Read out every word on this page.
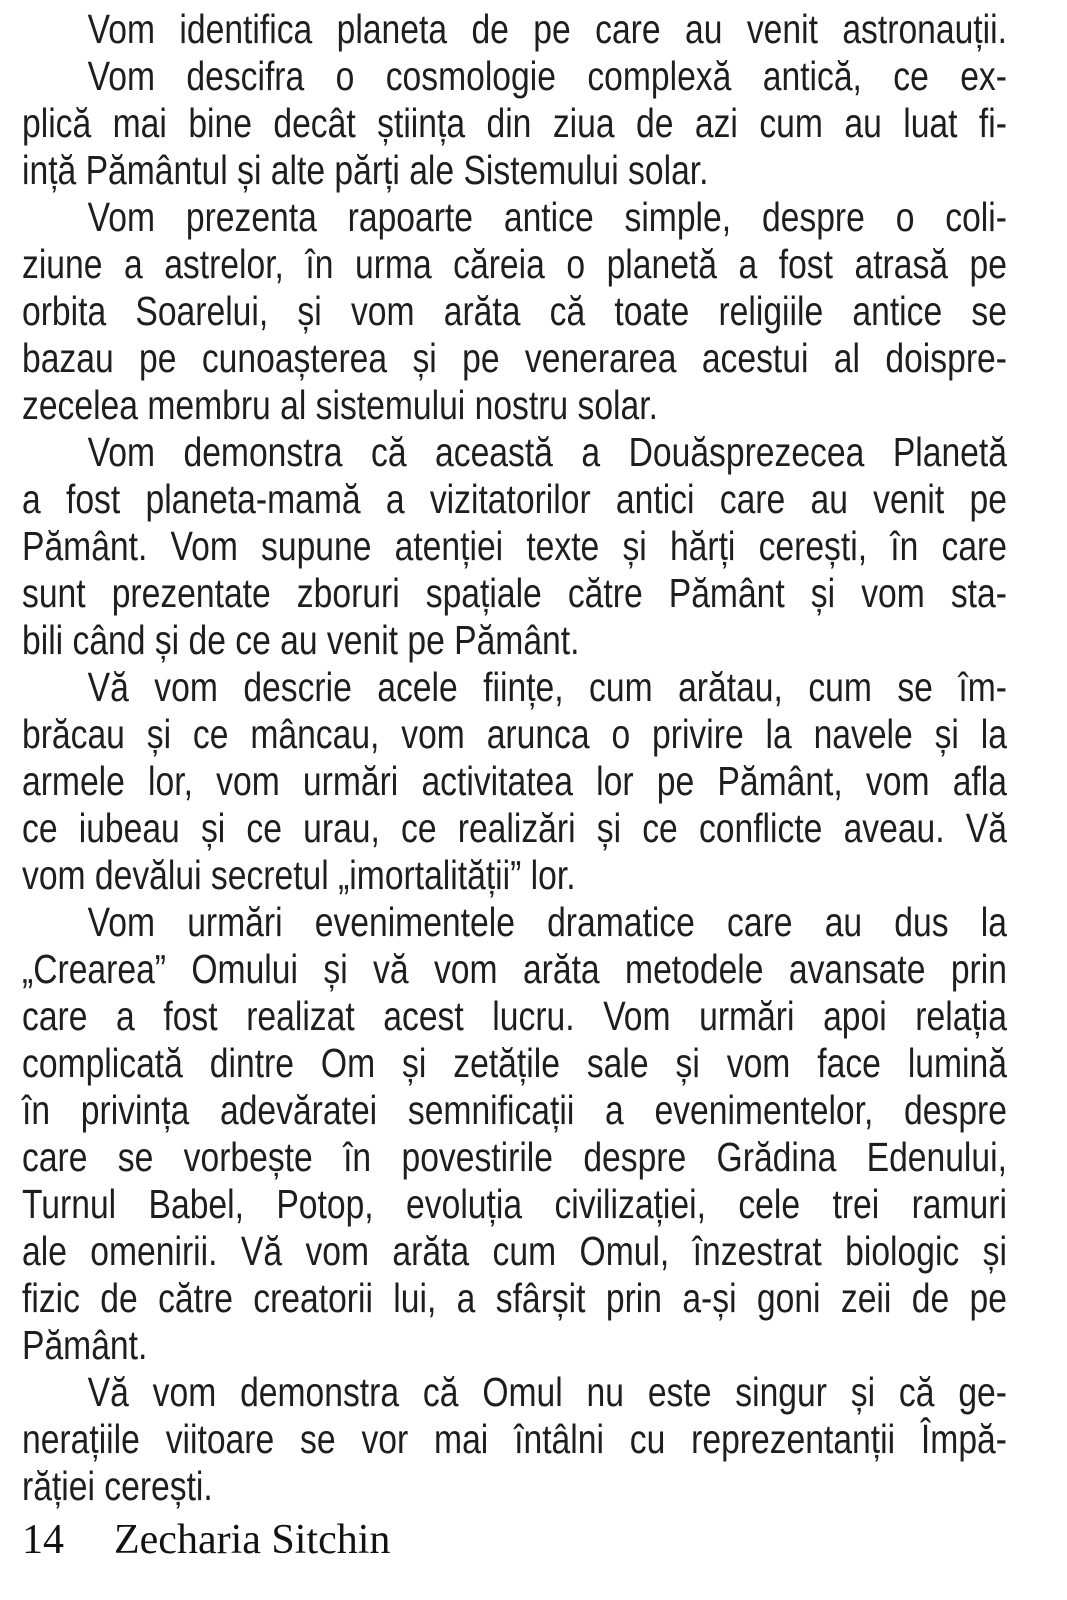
Vom identifica planeta de pe care au venit astronauții.
Vom descifra o cosmologie complexă antică, ce ex-
plică mai bine decât știința din ziua de azi cum au luat fi-
ință Pământul și alte părți ale Sistemului solar.
Vom prezenta rapoarte antice simple, despre o coli-
ziune a astrelor, în urma căreia o planetă a fost atrasă pe
orbita Soarelui, și vom arăta că toate religiile antice se
bazau pe cunoașterea și pe venerarea acestui al doispre-
zecelea membru al sistemului nostru solar.
Vom demonstra că această a Douăsprezecea Planetă
a fost planeta-mamă a vizitatorilor antici care au venit pe
Pământ. Vom supune atenției texte și hărți cerești, în care
sunt prezentate zboruri spațiale către Pământ și vom sta-
bili când și de ce au venit pe Pământ.
Vă vom descrie acele ființe, cum arătau, cum se îm-
brăcau și ce mâncau, vom arunca o privire la navele și la
armele lor, vom urmări activitatea lor pe Pământ, vom afla
ce iubeau și ce urau, ce realizări și ce conflicte aveau. Vă
vom devălui secretul „imortalității” lor.
Vom urmări evenimentele dramatice care au dus la
„Crearea” Omului și vă vom arăta metodele avansate prin
care a fost realizat acest lucru. Vom urmări apoi relația
complicată dintre Om și zetățile sale și vom face lumină
în privința adevăratei semnificații a evenimentelor, despre
care se vorbește în povestirile despre Grădina Edenului,
Turnul Babel, Potop, evoluția civilizației, cele trei ramuri
ale omenirii. Vă vom arăta cum Omul, înzestrat biologic și
fizic de către creatorii lui, a sfârșit prin a-și goni zeii de pe
Pământ.
Vă vom demonstra că Omul nu este singur și că ge-
nerațiile viitoare se vor mai întâlni cu reprezentanții Împă-
răției cerești.
14 Zecharia Sitchin
